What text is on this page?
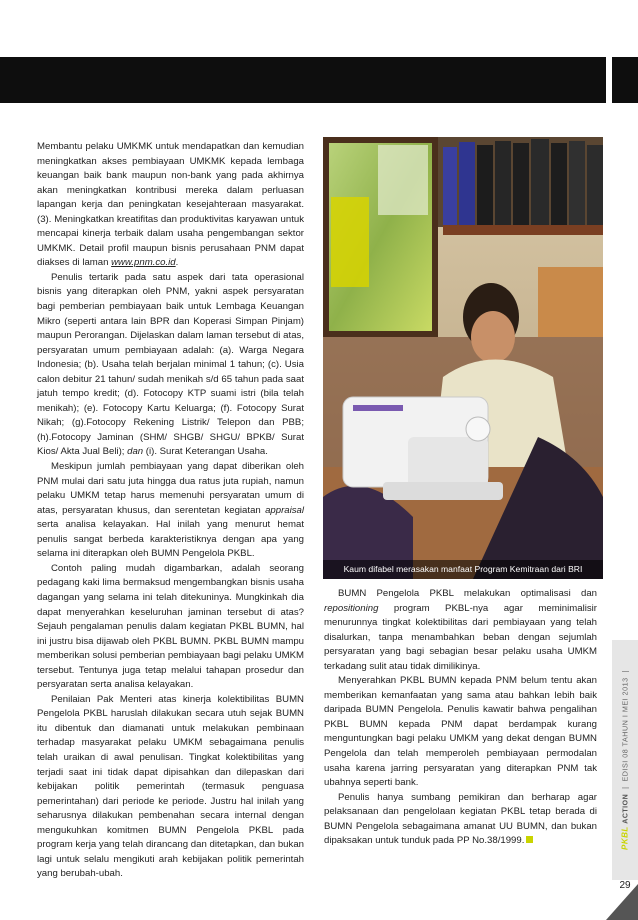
Membantu pelaku UMKMK untuk mendapatkan dan kemudian meningkatkan akses pembiayaan UMKMK kepada lembaga keuangan baik bank maupun non-bank yang pada akhirnya akan meningkatkan kontribusi mereka dalam perluasan lapangan kerja dan peningkatan kesejahteraan masyarakat. (3). Meningkatkan kreatifitas dan produktivitas karyawan untuk mencapai kinerja terbaik dalam usaha pengembangan sektor UMKMK. Detail profil maupun bisnis perusahaan PNM dapat diakses di laman www.pnm.co.id.

Penulis tertarik pada satu aspek dari tata operasional bisnis yang diterapkan oleh PNM, yakni aspek persyaratan bagi pemberian pembiayaan baik untuk Lembaga Keuangan Mikro (seperti antara lain BPR dan Koperasi Simpan Pinjam) maupun Perorangan. Dijelaskan dalam laman tersebut di atas, persyaratan umum pembiayaan adalah: (a). Warga Negara Indonesia; (b). Usaha telah berjalan minimal 1 tahun; (c). Usia calon debitur 21 tahun/ sudah menikah s/d 65 tahun pada saat jatuh tempo kredit; (d). Fotocopy KTP suami istri (bila telah menikah); (e). Fotocopy Kartu Keluarga; (f). Fotocopy Surat Nikah; (g).Fotocopy Rekening Listrik/ Telepon dan PBB; (h).Fotocopy Jaminan (SHM/ SHGB/ SHGU/ BPKB/ Surat Kios/ Akta Jual Beli); dan (i). Surat Keterangan Usaha.

Meskipun jumlah pembiayaan yang dapat diberikan oleh PNM mulai dari satu juta hingga dua ratus juta rupiah, namun pelaku UMKM tetap harus memenuhi persyaratan umum di atas, persyaratan khusus, dan serentetan kegiatan appraisal serta analisa kelayakan. Hal inilah yang menurut hemat penulis sangat berbeda karakteristiknya dengan apa yang selama ini diterapkan oleh BUMN Pengelola PKBL.

Contoh paling mudah digambarkan, adalah seorang pedagang kaki lima bermaksud mengembangkan bisnis usaha dagangan yang selama ini telah ditekuninya. Mungkinkah dia dapat menyerahkan keseluruhan jaminan tersebut di atas? Sejauh pengalaman penulis dalam kegiatan PKBL BUMN, hal ini justru bisa dijawab oleh PKBL BUMN. PKBL BUMN mampu memberikan solusi pemberian pembiayaan bagi pelaku UMKM tersebut. Tentunya juga tetap melalui tahapan prosedur dan persyaratan serta analisa kelayakan.

Penilaian Pak Menteri atas kinerja kolektibilitas BUMN Pengelola PKBL haruslah dilakukan secara utuh sejak BUMN itu dibentuk dan diamanati untuk melakukan pembinaan terhadap masyarakat pelaku UMKM sebagaimana penulis telah uraikan di awal penulisan. Tingkat kolektibilitas yang terjadi saat ini tidak dapat dipisahkan dan dilepaskan dari kebijakan politik pemerintah (termasuk penguasa pemerintahan) dari periode ke periode. Justru hal inilah yang seharusnya dilakukan pembenahan secara internal dengan mengukuhkan komitmen BUMN Pengelola PKBL pada program kerja yang telah dirancang dan ditetapkan, dan bukan lagi untuk selalu mengikuti arah kebijakan politik pemerintah yang berubah-ubah.

Kaum difabel merasakan manfaat Program Kemitraan dari BRI

BUMN Pengelola PKBL melakukan optimalisasi dan repositioning program PKBL-nya agar meminimalisir menurunnya tingkat kolektibilitas dari pembiayaan yang telah disalurkan, tanpa menambahkan beban dengan sejumlah persyaratan yang bagi sebagian besar pelaku usaha UMKM terkadang sulit atau tidak dimilikinya.

Menyerahkan PKBL BUMN kepada PNM belum tentu akan memberikan kemanfaatan yang sama atau bahkan lebih baik daripada BUMN Pengelola. Penulis kawatir bahwa pengalihan PKBL BUMN kepada PNM dapat berdampak kurang menguntungkan bagi pelaku UMKM yang dekat dengan BUMN Pengelola dan telah memperoleh pembiayaan permodalan usaha karena jarring persyaratan yang diterapkan PNM tak ubahnya seperti bank.

Penulis hanya sumbang pemikiran dan berharap agar pelaksanaan dan pengelolaan kegiatan PKBL tetap berada di BUMN Pengelola sebagaimana amanat UU BUMN, dan bukan dipaksakan untuk tunduk pada PP No.38/1999.	PKBL ACTION  |  EDISI 08 TAHUN I MEI 2013  |
29
